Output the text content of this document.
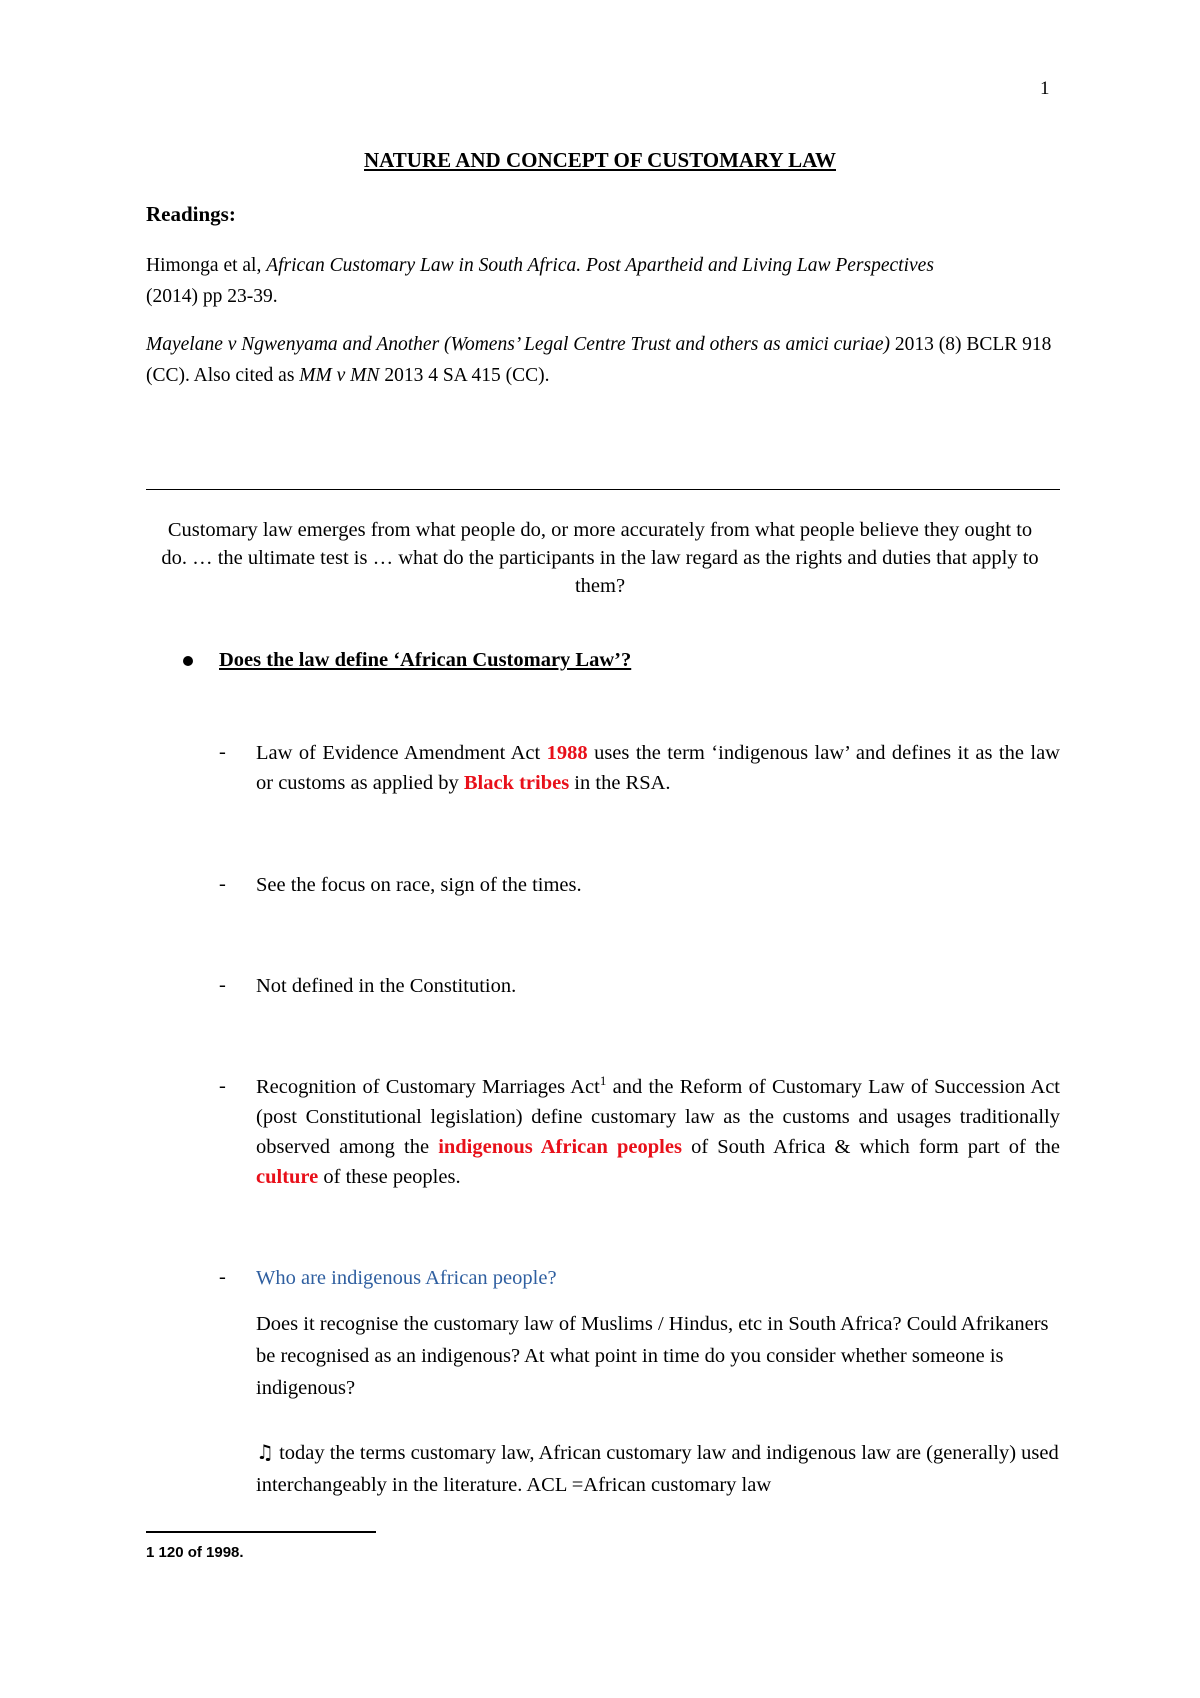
1
NATURE AND CONCEPT OF CUSTOMARY LAW
Readings:
Himonga et al, African Customary Law in South Africa. Post Apartheid and Living Law Perspectives
(2014) pp 23-39.
Mayelane v Ngwenyama and Another (Womens’ Legal Centre Trust and others as amici curiae) 2013 (8) BCLR 918 (CC). Also cited as MM v MN 2013 4 SA 415 (CC).
Customary law emerges from what people do, or more accurately from what people believe they ought to do. … the ultimate test is … what do the participants in the law regard as the rights and duties that apply to them?
Does the law define ‘African Customary Law’?
- Law of Evidence Amendment Act 1988 uses the term ‘indigenous law’ and defines it as the law or customs as applied by Black tribes in the RSA.
- See the focus on race, sign of the times.
- Not defined in the Constitution.
- Recognition of Customary Marriages Act$^1$ and the Reform of Customary Law of Succession Act (post Constitutional legislation) define customary law as the customs and usages traditionally observed among the indigenous African peoples of South Africa & which form part of the culture of these peoples.
- Who are indigenous African people?
Does it recognise the customary law of Muslims / Hindus, etc in South Africa? Could Afrikaners be recognised as an indigenous? At what point in time do you consider whether someone is indigenous?
♫ today the terms customary law, African customary law and indigenous law are (generally) used interchangeably in the literature. ACL =African customary law
1 120 of 1998.
